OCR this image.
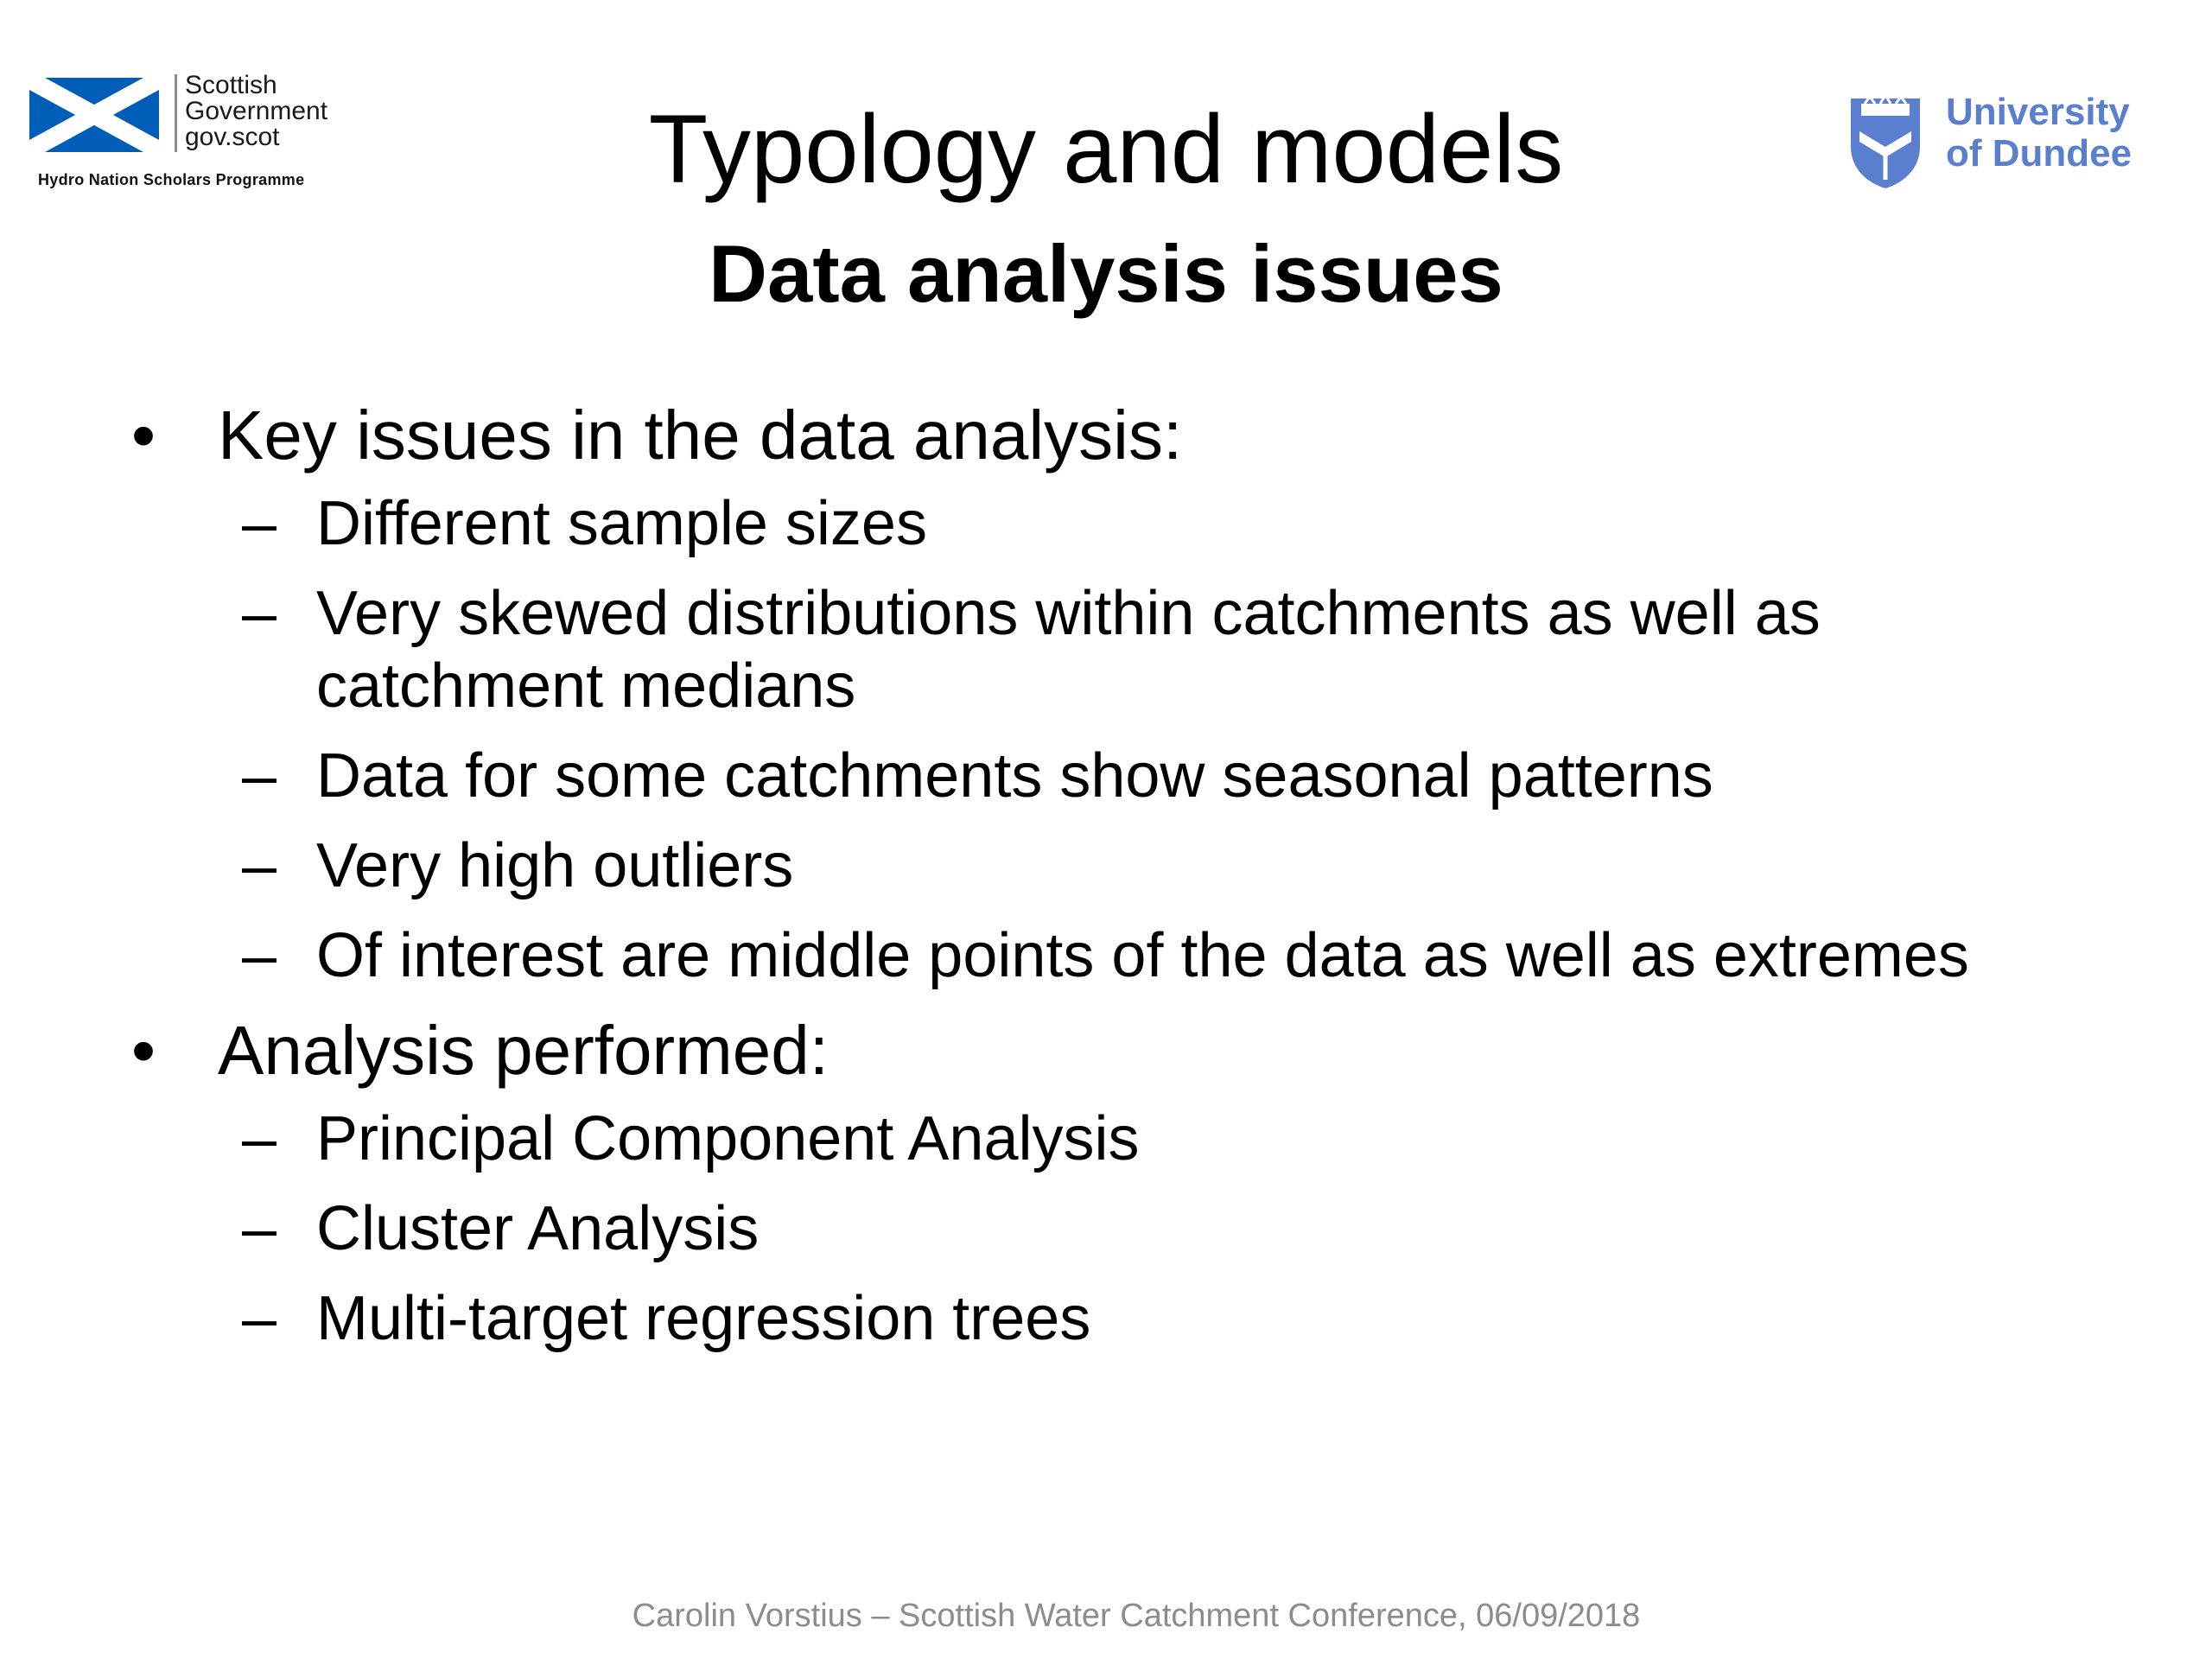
Scottish
Government
gov.scot
Hydro Nation Scholars Programme
University
of Dundee
Typology and models
Data analysis issues

• Key issues in the data analysis:

– Different sample sizes

– Very skewed distributions within catchments as well as catchment medians

– Data for some catchments show seasonal patterns

– Very high outliers

– Of interest are middle points of the data as well as extremes

• Analysis performed:

– Principal Component Analysis

– Cluster Analysis

– Multi-target regression trees

Carolin Vorstius – Scottish Water Catchment Conference, 06/09/2018
